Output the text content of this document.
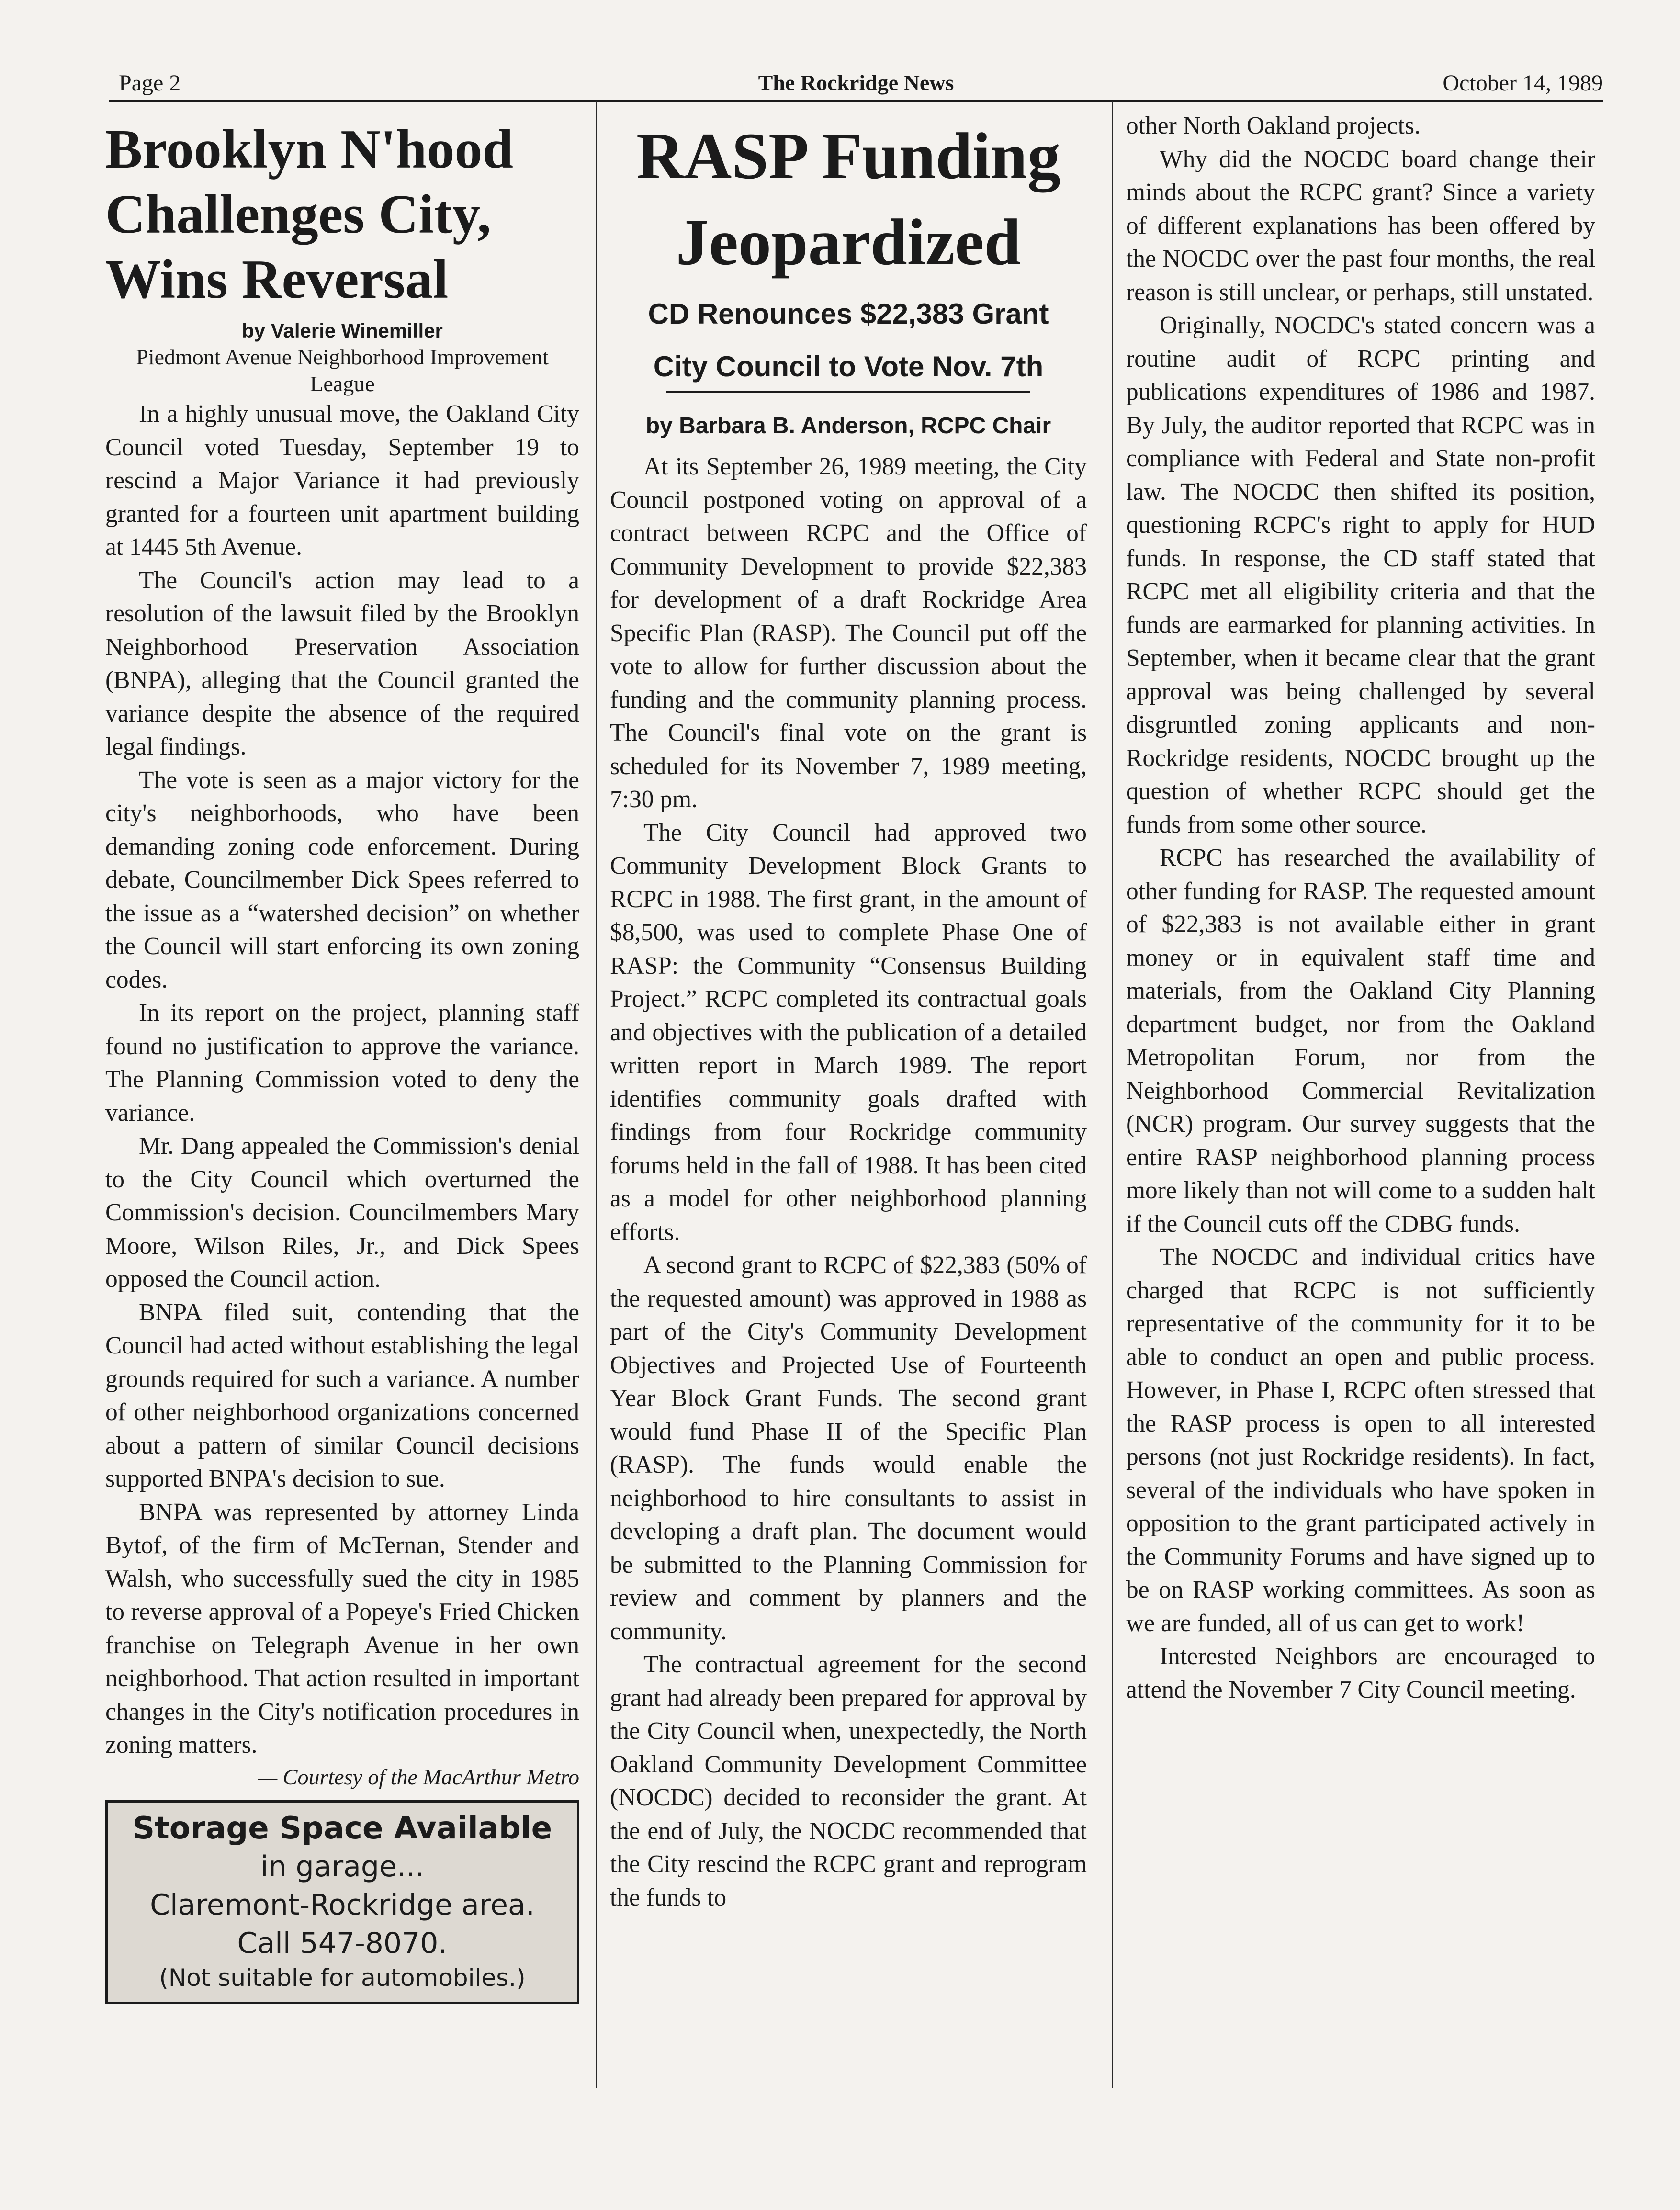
Page 2	The Rockridge News	October 14, 1989
Brooklyn N'hood Challenges City, Wins Reversal
by Valerie Winemiller
Piedmont Avenue Neighborhood Improvement League

In a highly unusual move, the Oakland City Council voted Tuesday, September 19 to rescind a Major Variance it had previously granted for a fourteen unit apartment building at 1445 5th Avenue.

The Council's action may lead to a resolution of the lawsuit filed by the Brooklyn Neighborhood Preservation Association (BNPA), alleging that the Council granted the variance despite the absence of the required legal findings.

The vote is seen as a major victory for the city's neighborhoods, who have been demanding zoning code enforcement. During debate, Councilmember Dick Spees referred to the issue as a “watershed decision” on whether the Council will start enforcing its own zoning codes.

In its report on the project, planning staff found no justification to approve the variance. The Planning Commission voted to deny the variance.

Mr. Dang appealed the Commission's denial to the City Council which overturned the Commission's decision. Councilmembers Mary Moore, Wilson Riles, Jr., and Dick Spees opposed the Council action.

BNPA filed suit, contending that the Council had acted without establishing the legal grounds required for such a variance. A number of other neighborhood organizations concerned about a pattern of similar Council decisions supported BNPA's decision to sue.

BNPA was represented by attorney Linda Bytof, of the firm of McTernan, Stender and Walsh, who successfully sued the city in 1985 to reverse approval of a Popeye's Fried Chicken franchise on Telegraph Avenue in her own neighborhood. That action resulted in important changes in the City's notification procedures in zoning matters.

— Courtesy of the MacArthur Metro
Storage Space Available
in garage...
Claremont-Rockridge area.
Call 547-8070.
(Not suitable for automobiles.)
RASP Funding Jeopardized
CD Renounces $22,383 Grant
City Council to Vote Nov. 7th
by Barbara B. Anderson, RCPC Chair

At its September 26, 1989 meeting, the City Council postponed voting on approval of a contract between RCPC and the Office of Community Development to provide $22,383 for development of a draft Rockridge Area Specific Plan (RASP). The Council put off the vote to allow for further discussion about the funding and the community planning process. The Council's final vote on the grant is scheduled for its November 7, 1989 meeting, 7:30 pm.

The City Council had approved two Community Development Block Grants to RCPC in 1988. The first grant, in the amount of $8,500, was used to complete Phase One of RASP: the Community “Consensus Building Project.” RCPC completed its contractual goals and objectives with the publication of a detailed written report in March 1989. The report identifies community goals drafted with findings from four Rockridge community forums held in the fall of 1988. It has been cited as a model for other neighborhood planning efforts.

A second grant to RCPC of $22,383 (50% of the requested amount) was approved in 1988 as part of the City's Community Development Objectives and Projected Use of Fourteenth Year Block Grant Funds. The second grant would fund Phase II of the Specific Plan (RASP). The funds would enable the neighborhood to hire consultants to assist in developing a draft plan. The document would be submitted to the Planning Commission for review and comment by planners and the community.

The contractual agreement for the second grant had already been prepared for approval by the City Council when, unexpectedly, the North Oakland Community Development Committee (NOCDC) decided to reconsider the grant. At the end of July, the NOCDC recommended that the City rescind the RCPC grant and reprogram the funds to

other North Oakland projects.

Why did the NOCDC board change their minds about the RCPC grant? Since a variety of different explanations has been offered by the NOCDC over the past four months, the real reason is still unclear, or perhaps, still unstated.

Originally, NOCDC's stated concern was a routine audit of RCPC printing and publications expenditures of 1986 and 1987. By July, the auditor reported that RCPC was in compliance with Federal and State non-profit law. The NOCDC then shifted its position, questioning RCPC's right to apply for HUD funds. In response, the CD staff stated that RCPC met all eligibility criteria and that the funds are earmarked for planning activities. In September, when it became clear that the grant approval was being challenged by several disgruntled zoning applicants and non-Rockridge residents, NOCDC brought up the question of whether RCPC should get the funds from some other source.

RCPC has researched the availability of other funding for RASP. The requested amount of $22,383 is not available either in grant money or in equivalent staff time and materials, from the Oakland City Planning department budget, nor from the Oakland Metropolitan Forum, nor from the Neighborhood Commercial Revitalization (NCR) program. Our survey suggests that the entire RASP neighborhood planning process more likely than not will come to a sudden halt if the Council cuts off the CDBG funds.

The NOCDC and individual critics have charged that RCPC is not sufficiently representative of the community for it to be able to conduct an open and public process. However, in Phase I, RCPC often stressed that the RASP process is open to all interested persons (not just Rockridge residents). In fact, several of the individuals who have spoken in opposition to the grant participated actively in the Community Forums and have signed up to be on RASP working committees. As soon as we are funded, all of us can get to work!

Interested Neighbors are encouraged to attend the November 7 City Council meeting.
